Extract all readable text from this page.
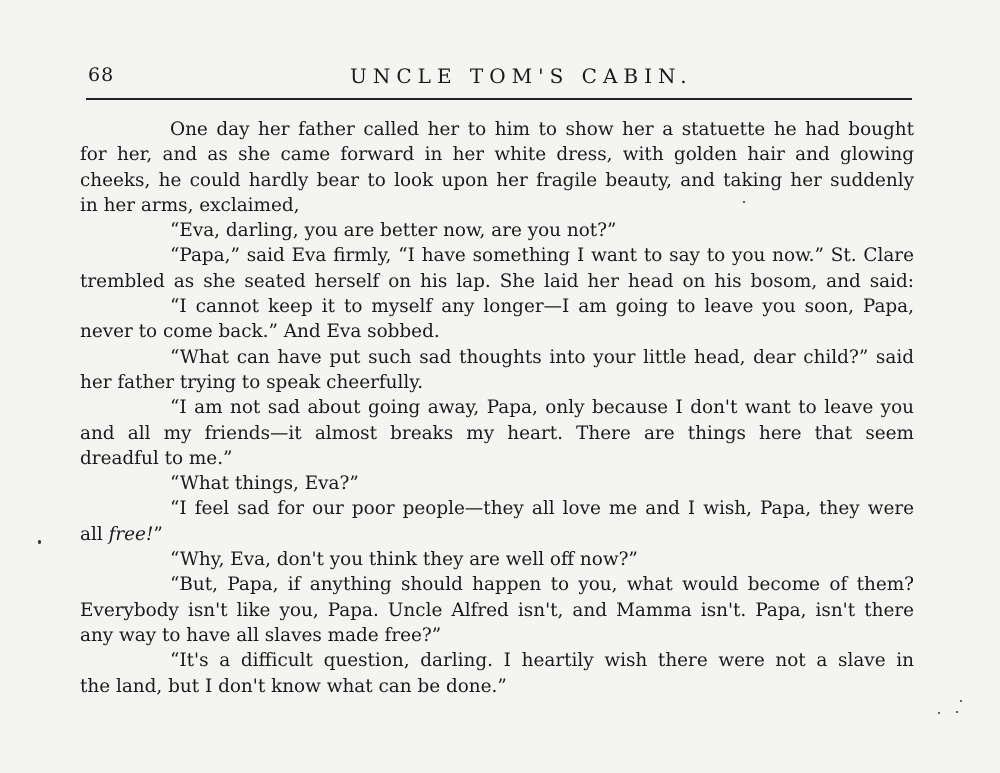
68	UNCLE TOM'S CABIN.
One day her father called her to him to show her a statuette he had bought
for her, and as she came forward in her white dress, with golden hair and glowing
cheeks, he could hardly bear to look upon her fragile beauty, and taking her suddenly
in her arms, exclaimed,
“Eva, darling, you are better now, are you not?”
“Papa,” said Eva firmly, “I have something I want to say to you now.” St. Clare
trembled as she seated herself on his lap. She laid her head on his bosom, and said:
“I cannot keep it to myself any longer—I am going to leave you soon, Papa,
never to come back.” And Eva sobbed.
“What can have put such sad thoughts into your little head, dear child?” said
her father trying to speak cheerfully.
“I am not sad about going away, Papa, only because I don't want to leave you
and all my friends—it almost breaks my heart. There are things here that seem
dreadful to me.”
“What things, Eva?”
“I feel sad for our poor people—they all love me and I wish, Papa, they were
all free!”
“Why, Eva, don't you think they are well off now?”
“But, Papa, if anything should happen to you, what would become of them?
Everybody isn't like you, Papa. Uncle Alfred isn't, and Mamma isn't. Papa, isn't there
any way to have all slaves made free?”
“It's a difficult question, darling. I heartily wish there were not a slave in
the land, but I don't know what can be done.”
